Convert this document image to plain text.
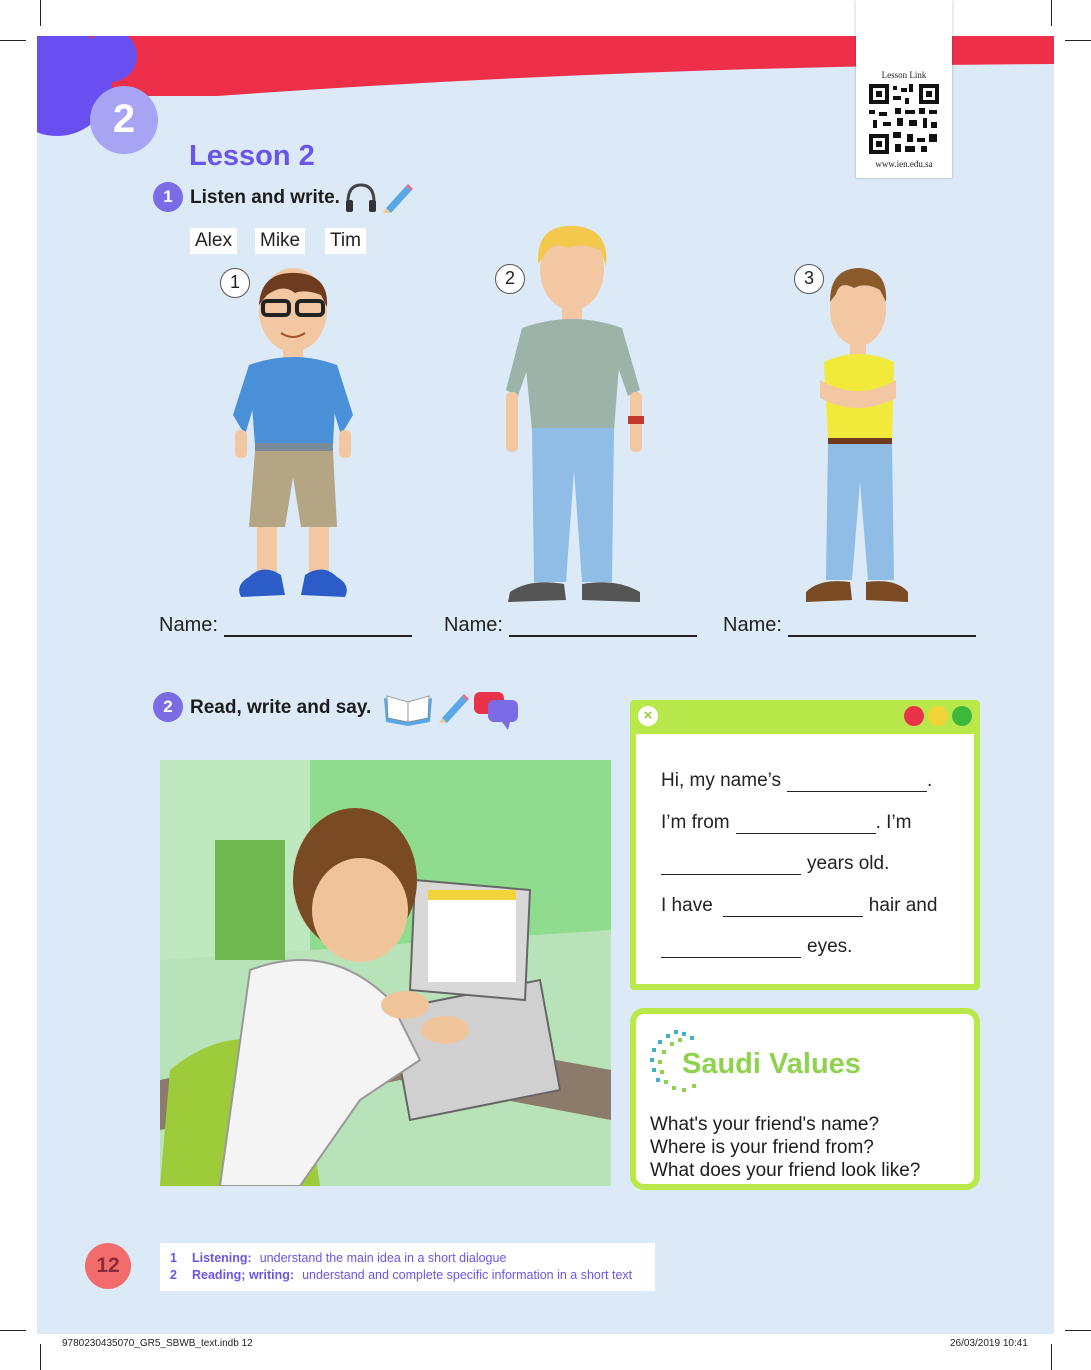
Lesson Link
www.ien.edu.sa
2
Lesson 2
1 Listen and write.
Alex Mike Tim
1	2	3
Name:	Name:	Name:
2 Read, write and say.	×
Hi, my name’s	.
I’m from	. I’m
years old.
I have	hair and
eyes.
Saudi Values
What's your friend's name?
Where is your friend from?
What does your friend look like?
12	1	Listening: understand the main idea in a short dialogue
2	Reading; writing: understand and complete specific information in a short text
9780230435070_GR5_SBWB_text.indb 12	26/03/2019 10:41
